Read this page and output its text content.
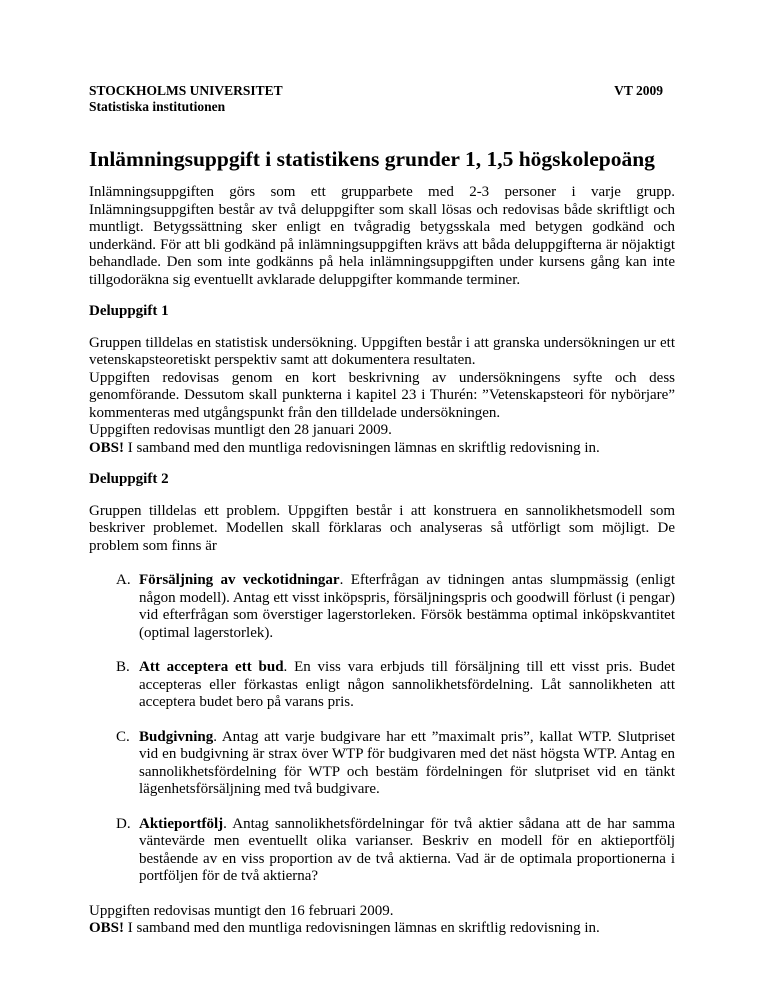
STOCKHOLMS UNIVERSITET
Statistiska institutionen
VT 2009
Inlämningsuppgift i statistikens grunder 1, 1,5 högskolepoäng

Inlämningsuppgiften görs som ett grupparbete med 2-3 personer i varje grupp. Inlämningsuppgiften består av två deluppgifter som skall lösas och redovisas både skriftligt och muntligt. Betygssättning sker enligt en tvågradig betygsskala med betygen godkänd och underkänd. För att bli godkänd på inlämningsuppgiften krävs att båda deluppgifterna är nöjaktigt behandlade. Den som inte godkänns på hela inlämningsuppgiften under kursens gång kan inte tillgodoräkna sig eventuellt avklarade deluppgifter kommande terminer.

Deluppgift 1

Gruppen tilldelas en statistisk undersökning. Uppgiften består i att granska undersökningen ur ett vetenskapsteoretiskt perspektiv samt att dokumentera resultaten.

Uppgiften redovisas genom en kort beskrivning av undersökningens syfte och dess genomförande. Dessutom skall punkterna i kapitel 23 i Thurén: ”Vetenskapsteori för nybörjare” kommenteras med utgångspunkt från den tilldelade undersökningen.

Uppgiften redovisas muntligt den 28 januari 2009.

OBS! I samband med den muntliga redovisningen lämnas en skriftlig redovisning in.

Deluppgift 2

Gruppen tilldelas ett problem. Uppgiften består i att konstruera en sannolikhetsmodell som beskriver problemet. Modellen skall förklaras och analyseras så utförligt som möjligt. De problem som finns är

A. Försäljning av veckotidningar. Efterfrågan av tidningen antas slumpmässig (enligt någon modell). Antag ett visst inköpspris, försäljningspris och goodwill förlust (i pengar) vid efterfrågan som överstiger lagerstorleken. Försök bestämma optimal inköpskvantitet (optimal lagerstorlek).
B. Att acceptera ett bud. En viss vara erbjuds till försäljning till ett visst pris. Budet accepteras eller förkastas enligt någon sannolikhetsfördelning. Låt sannolikheten att acceptera budet bero på varans pris.
C. Budgivning. Antag att varje budgivare har ett ”maximalt pris”, kallat WTP. Slutpriset vid en budgivning är strax över WTP för budgivaren med det näst högsta WTP. Antag en sannolikhetsfördelning för WTP och bestäm fördelningen för slutpriset vid en tänkt lägenhetsförsäljning med två budgivare.
D. Aktieportfölj. Antag sannolikhetsfördelningar för två aktier sådana att de har samma väntevärde men eventuellt olika varianser. Beskriv en modell för en aktieportfölj bestående av en viss proportion av de två aktierna. Vad är de optimala proportionerna i portföljen för de två aktierna?

Uppgiften redovisas muntigt den 16 februari 2009.

OBS! I samband med den muntliga redovisningen lämnas en skriftlig redovisning in.
